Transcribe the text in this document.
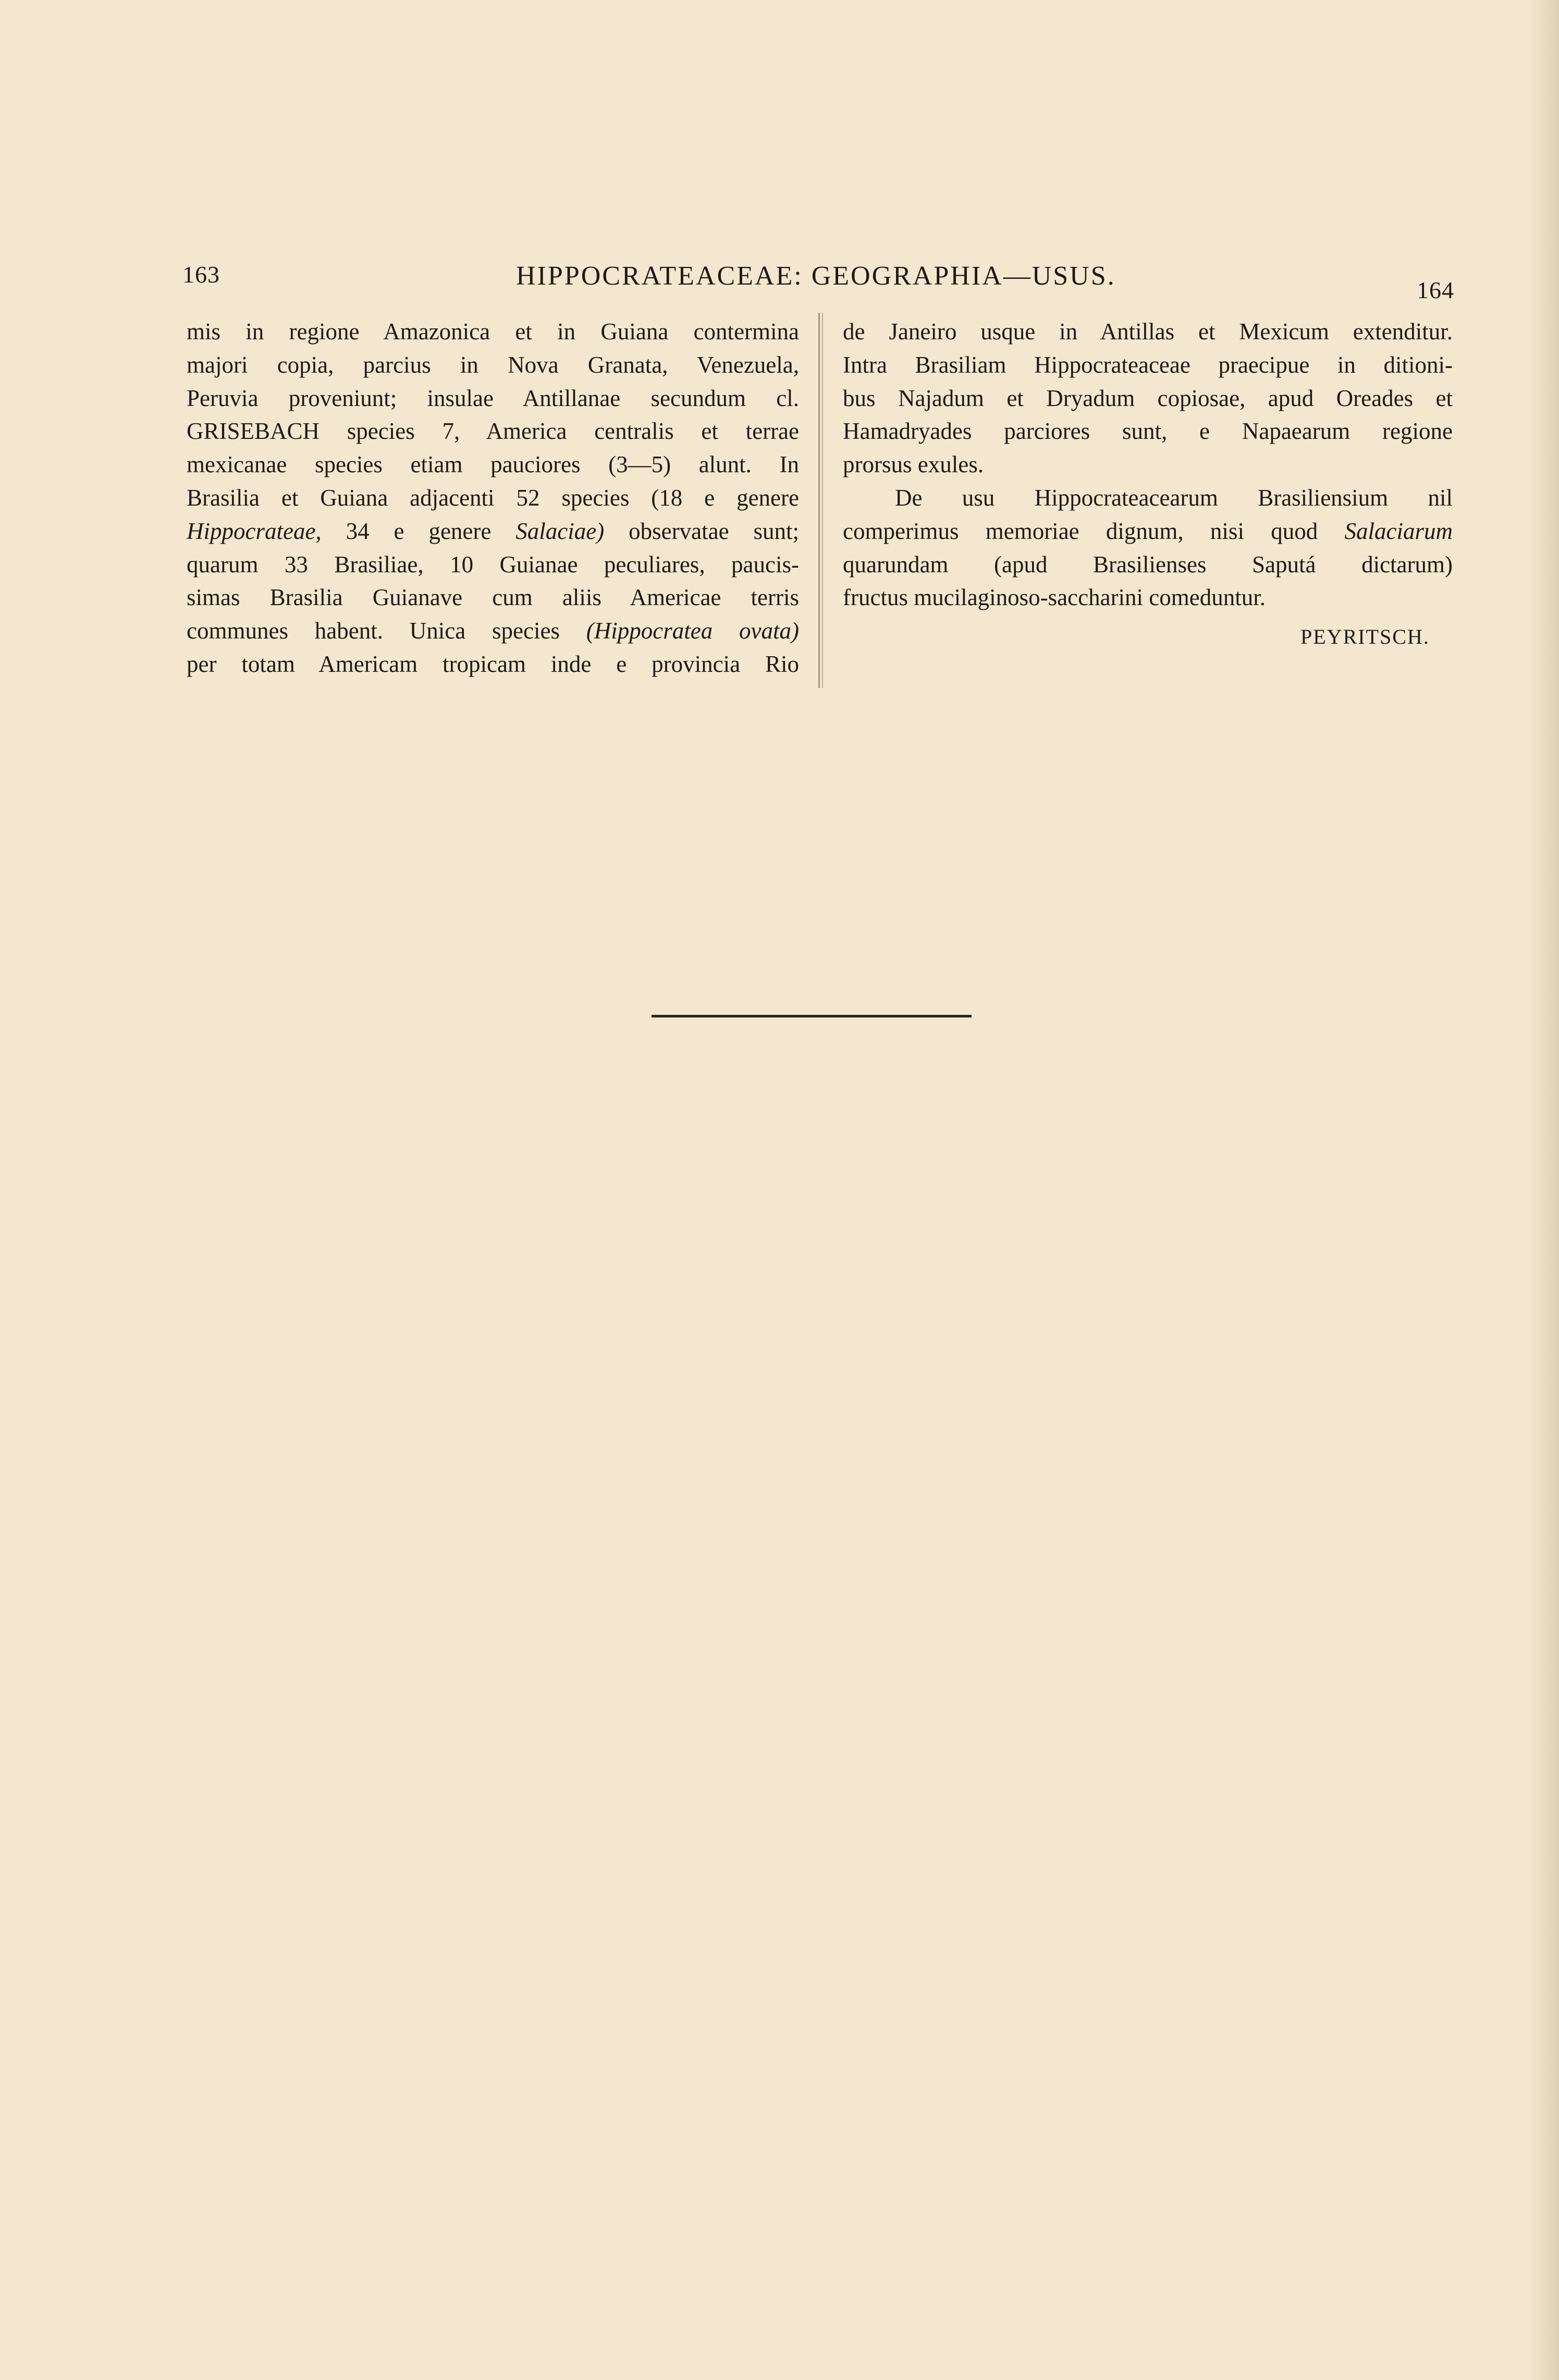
163	HIPPOCRATEACEAE: GEOGRAPHIA—USUS.	164
mis in regione Amazonica et in Guiana contermina
majori copia, parcius in Nova Granata, Venezuela,
Peruvia proveniunt; insulae Antillanae secundum cl.
GRISEBACH species 7, America centralis et terrae
mexicanae species etiam pauciores (3—5) alunt. In
Brasilia et Guiana adjacenti 52 species (18 e genere
Hippocrateae, 34 e genere Salaciae) observatae sunt;
quarum 33 Brasiliae, 10 Guianae peculiares, paucis-
simas Brasilia Guianave cum aliis Americae terris
communes habent. Unica species (Hippocratea ovata)
per totam Americam tropicam inde e provincia Rio
de Janeiro usque in Antillas et Mexicum extenditur.
Intra Brasiliam Hippocrateaceae praecipue in ditioni-
bus Najadum et Dryadum copiosae, apud Oreades et
Hamadryades parciores sunt, e Napaearum regione
prorsus exules.
De usu Hippocrateacearum Brasiliensium nil
comperimus memoriae dignum, nisi quod Salaciarum
quarundam (apud Brasilienses Saputá dictarum)
fructus mucilaginoso-saccharini comeduntur.
PEYRITSCH.
